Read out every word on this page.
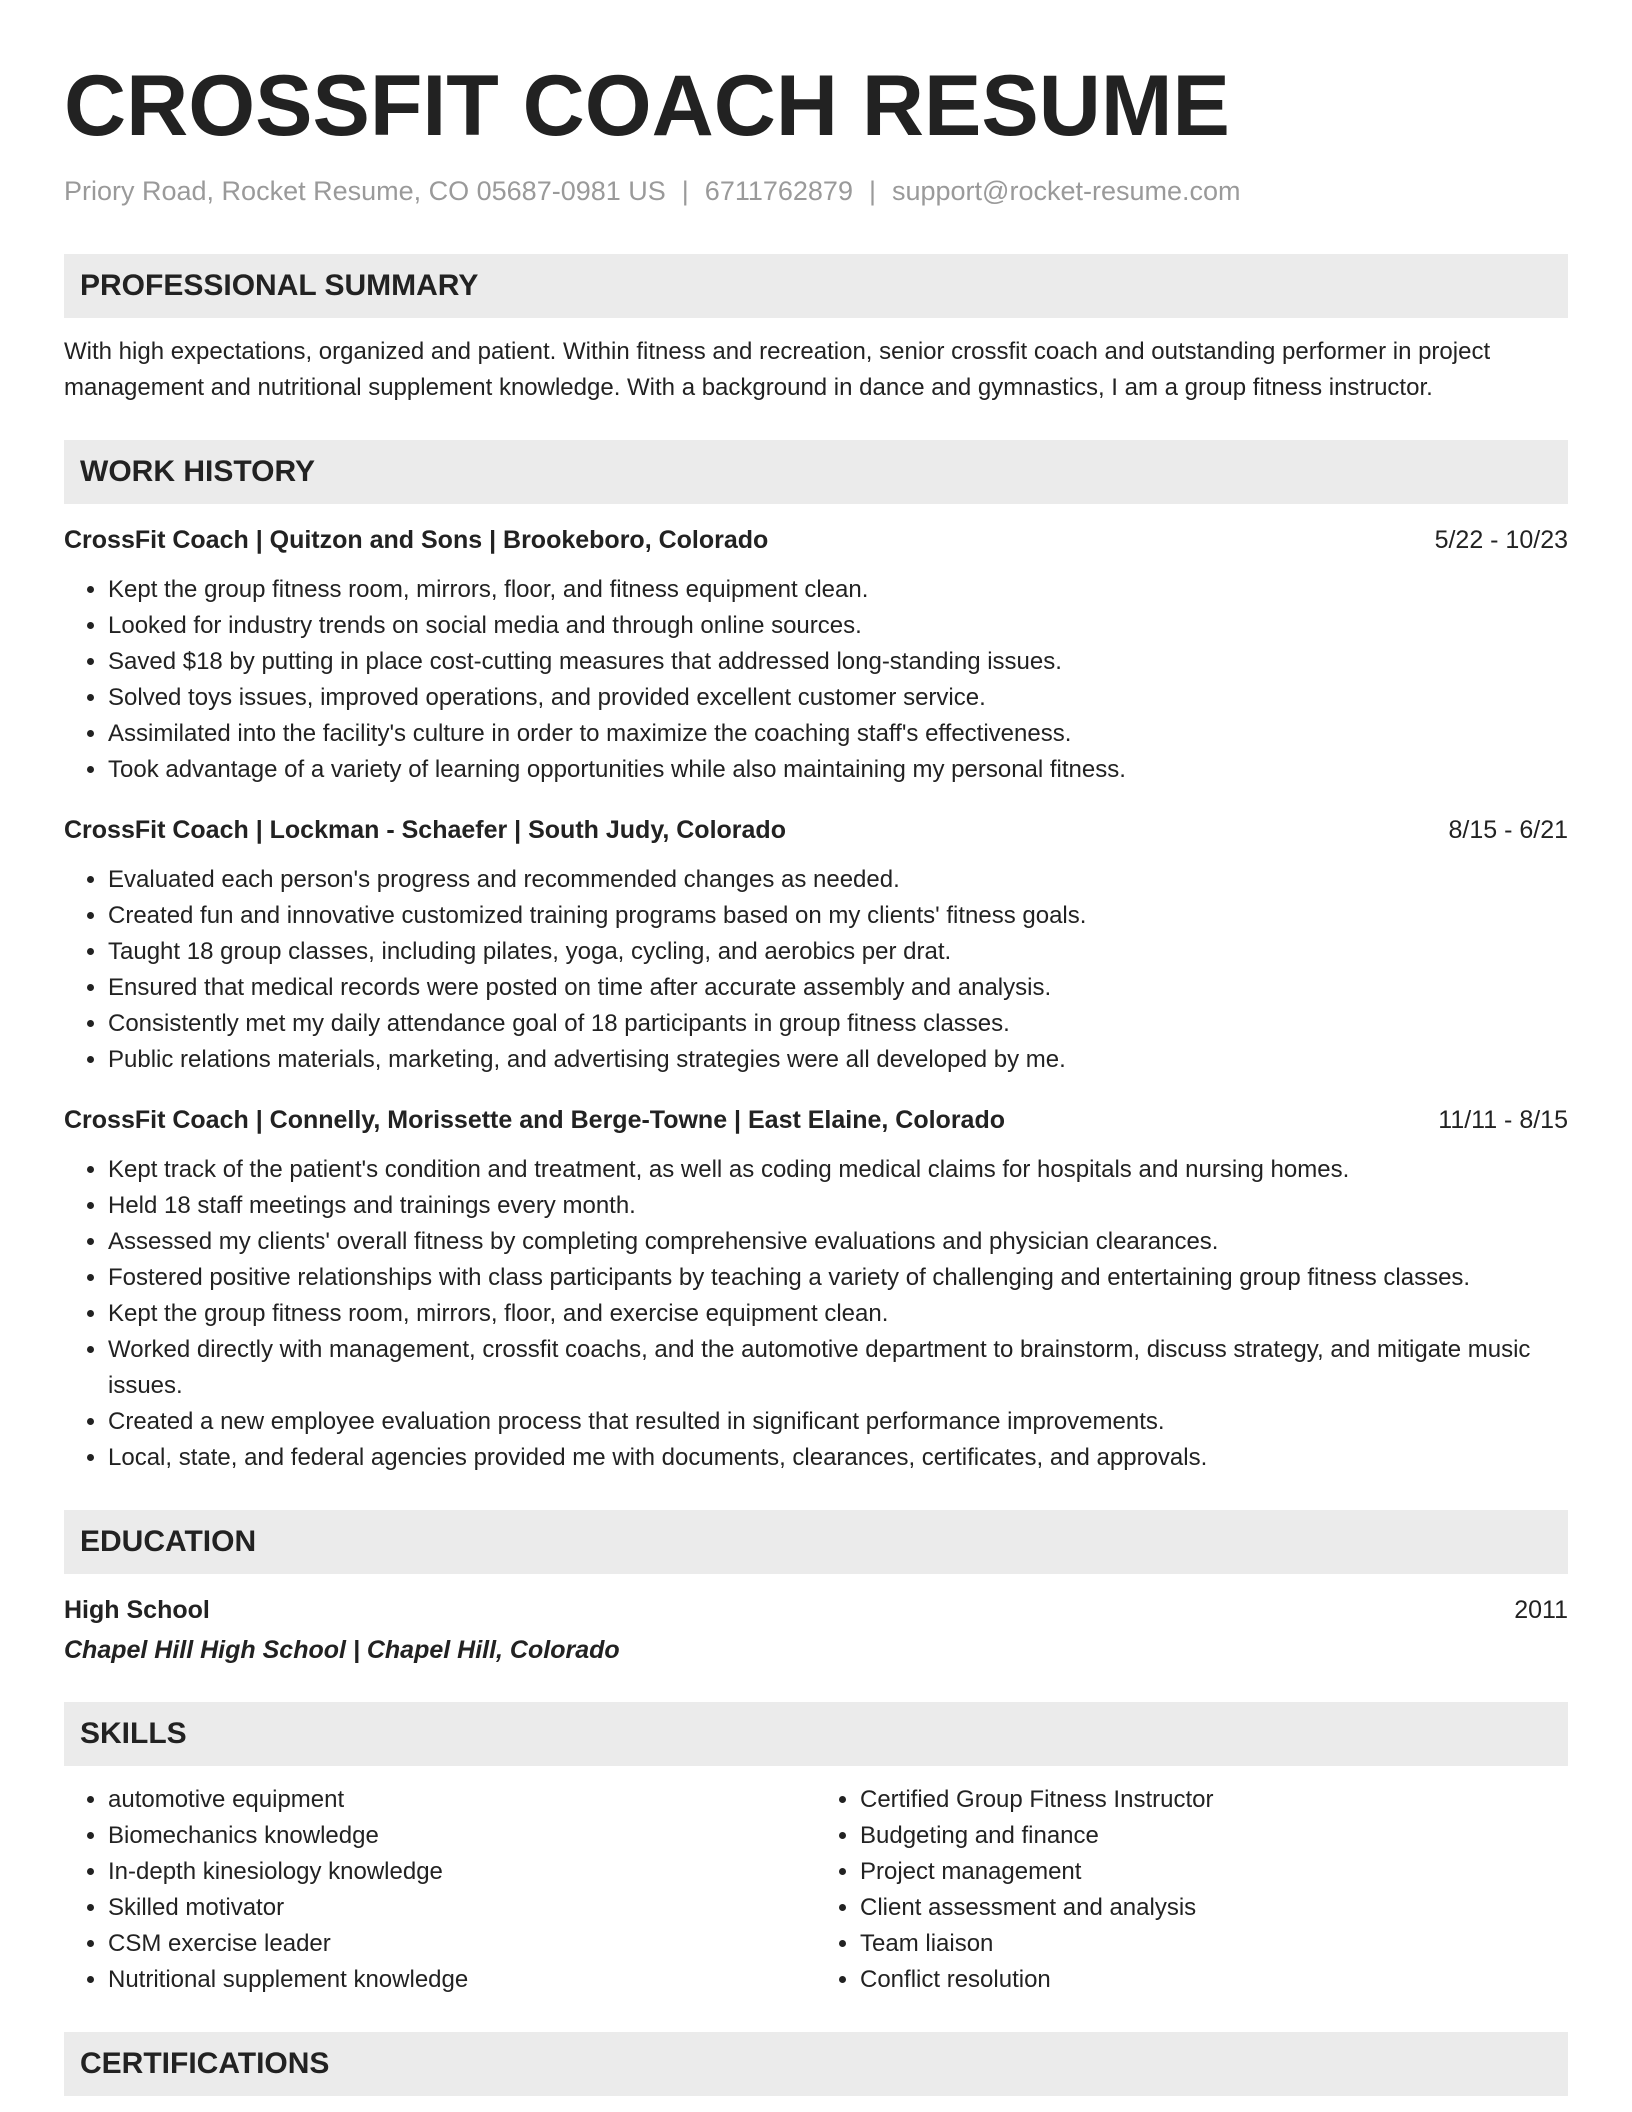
CROSSFIT COACH RESUME
Priory Road, Rocket Resume, CO 05687-0981 US | 6711762879 | support@rocket-resume.com
PROFESSIONAL SUMMARY
With high expectations, organized and patient. Within fitness and recreation, senior crossfit coach and outstanding performer in project management and nutritional supplement knowledge. With a background in dance and gymnastics, I am a group fitness instructor.
WORK HISTORY
CrossFit Coach | Quitzon and Sons | Brookeboro, Colorado	5/22 - 10/23
• Kept the group fitness room, mirrors, floor, and fitness equipment clean.
• Looked for industry trends on social media and through online sources.
• Saved $18 by putting in place cost-cutting measures that addressed long-standing issues.
• Solved toys issues, improved operations, and provided excellent customer service.
• Assimilated into the facility's culture in order to maximize the coaching staff's effectiveness.
• Took advantage of a variety of learning opportunities while also maintaining my personal fitness.
CrossFit Coach | Lockman - Schaefer | South Judy, Colorado	8/15 - 6/21
• Evaluated each person's progress and recommended changes as needed.
• Created fun and innovative customized training programs based on my clients' fitness goals.
• Taught 18 group classes, including pilates, yoga, cycling, and aerobics per drat.
• Ensured that medical records were posted on time after accurate assembly and analysis.
• Consistently met my daily attendance goal of 18 participants in group fitness classes.
• Public relations materials, marketing, and advertising strategies were all developed by me.
CrossFit Coach | Connelly, Morissette and Berge-Towne | East Elaine, Colorado	11/11 - 8/15
• Kept track of the patient's condition and treatment, as well as coding medical claims for hospitals and nursing homes.
• Held 18 staff meetings and trainings every month.
• Assessed my clients' overall fitness by completing comprehensive evaluations and physician clearances.
• Fostered positive relationships with class participants by teaching a variety of challenging and entertaining group fitness classes.
• Kept the group fitness room, mirrors, floor, and exercise equipment clean.
• Worked directly with management, crossfit coachs, and the automotive department to brainstorm, discuss strategy, and mitigate music issues.
• Created a new employee evaluation process that resulted in significant performance improvements.
• Local, state, and federal agencies provided me with documents, clearances, certificates, and approvals.
EDUCATION
High School	2011
Chapel Hill High School | Chapel Hill, Colorado
SKILLS
• automotive equipment
• Biomechanics knowledge
• In-depth kinesiology knowledge
• Skilled motivator
• CSM exercise leader
• Nutritional supplement knowledge
• Certified Group Fitness Instructor
• Budgeting and finance
• Project management
• Client assessment and analysis
• Team liaison
• Conflict resolution
CERTIFICATIONS
